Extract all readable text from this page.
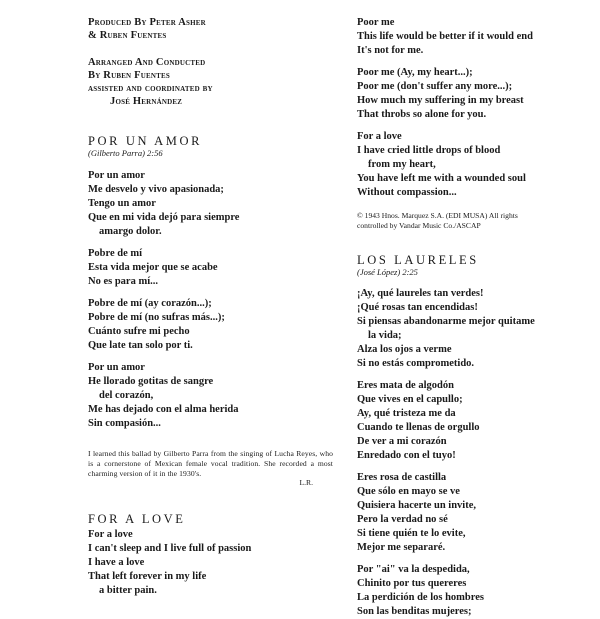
Produced By Peter Asher
& Ruben Fuentes
Arranged And Conducted
By Ruben Fuentes
assisted and coordinated by
José Hernández
POR UN AMOR
(Gilberto Parra) 2:56
Por un amor
Me desvelo y vivo apasionada;
Tengo un amor
Que en mi vida dejó para siempre
amargo dolor.
Pobre de mí
Esta vida mejor que se acabe
No es para mí...
Pobre de mí (ay corazón...);
Pobre de mí (no sufras más...);
Cuánto sufre mi pecho
Que late tan solo por ti.
Por un amor
He llorado gotitas de sangre
del corazón,
Me has dejado con el alma herida
Sin compasión...
I learned this ballad by Gilberto Parra from the singing of Lucha Reyes, who is a cornerstone of Mexican female vocal tradition. She recorded a most charming version of it in the 1930's.
L.R.
FOR A LOVE
For a love
I can't sleep and I live full of passion
I have a love
That left forever in my life
a bitter pain.
Poor me
This life would be better if it would end
It's not for me.
Poor me (Ay, my heart...);
Poor me (don't suffer any more...);
How much my suffering in my breast
That throbs so alone for you.
For a love
I have cried little drops of blood
from my heart,
You have left me with a wounded soul
Without compassion...
© 1943 Hnos. Marquez S.A. (EDI MUSA) All rights
controlled by Vandar Music Co./ASCAP
LOS LAURELES
(José López) 2:25
¡Ay, qué laureles tan verdes!
¡Qué rosas tan encendidas!
Si piensas abandonarme mejor quitame
la vida;
Alza los ojos a verme
Si no estás comprometido.
Eres mata de algodón
Que vives en el capullo;
Ay, qué tristeza me da
Cuando te llenas de orgullo
De ver a mi corazón
Enredado con el tuyo!
Eres rosa de castilla
Que sólo en mayo se ve
Quisiera hacerte un invite,
Pero la verdad no sé
Si tiene quién te lo evite,
Mejor me separaré.
Por "ai" va la despedida,
Chinito por tus quereres
La perdición de los hombres
Son las benditas mujeres;
